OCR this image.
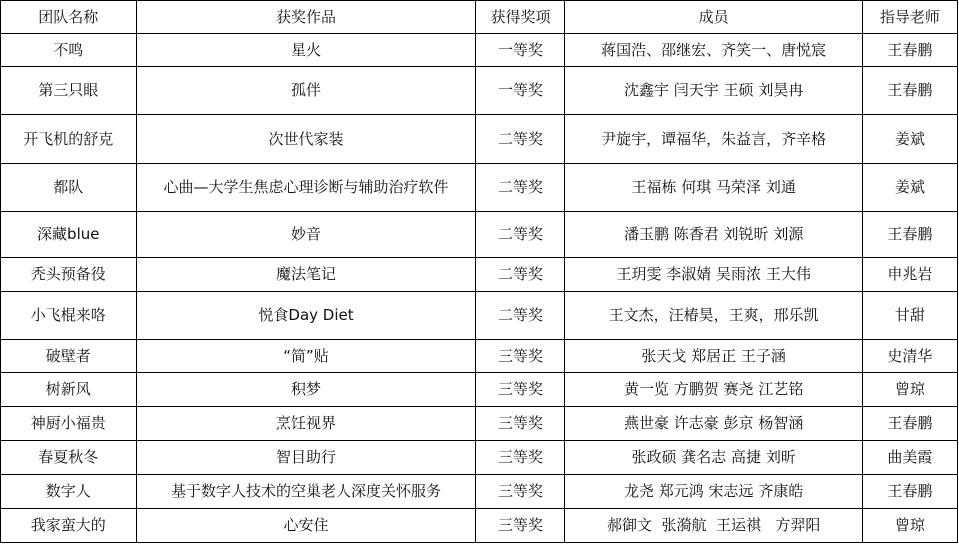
团队名称	获奖作品	获得奖项	成员	指导老师
不鸣	星火	一等奖	蒋国浩、邵继宏、齐笑一、唐悦宸	王春鹏
第三只眼	孤伴	一等奖	沈鑫宇 闫天宇 王硕 刘昊冉	王春鹏
开飞机的舒克	次世代家装	二等奖	尹旋宇，谭福华，朱益言，齐辛格	姜斌
都队	心曲—大学生焦虑心理诊断与辅助治疗软件	二等奖	王福栋 何琪 马荣泽 刘通	姜斌
深藏blue	妙音	二等奖	潘玉鹏 陈香君 刘锐昕 刘源	王春鹏
秃头预备役	魔法笔记	二等奖	王玥雯 李淑婧 吴雨浓 王大伟	申兆岩
小飞棍来咯	悦食Day Diet	二等奖	王文杰，汪椿昊，王爽，邢乐凯	甘甜
破壁者	“简”贴	三等奖	张天戈 郑居正 王子涵	史清华
树新风	积梦	三等奖	黄一览 方鹏贺 赛尧 江艺铭	曾琼
神厨小福贵	烹饪视界	三等奖	燕世豪 许志豪 彭京 杨智涵	王春鹏
春夏秋冬	智目助行	三等奖	张政硕 龚名志 高捷 刘昕	曲美霞
数字人	基于数字人技术的空巢老人深度关怀服务	三等奖	龙尧 郑元鸿 宋志远 齐康皓	王春鹏
我家蛮大的	心安住	三等奖	郝御文  张漪航  王运祺   方羿阳	曾琼
